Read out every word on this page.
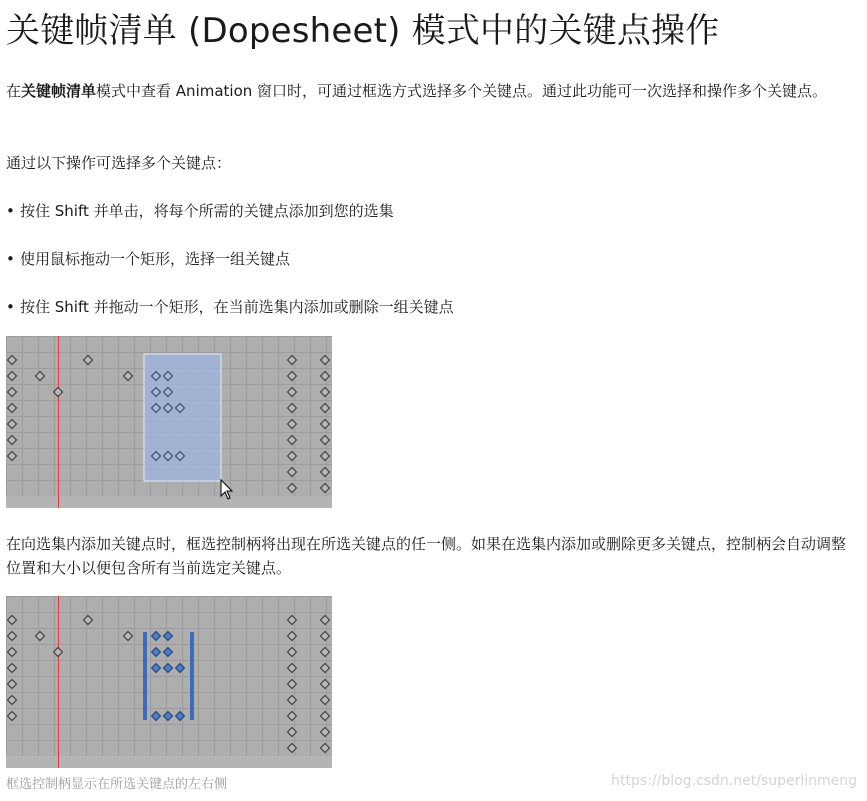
关键帧清单 (Dopesheet) 模式中的关键点操作

在关键帧清单模式中查看 Animation 窗口时，可通过框选方式选择多个关键点。通过此功能可一次选择和操作多个关键点。

通过以下操作可选择多个关键点：

• 按住 Shift 并单击，将每个所需的关键点添加到您的选集
• 使用鼠标拖动一个矩形，选择一组关键点
• 按住 Shift 并拖动一个矩形，在当前选集内添加或删除一组关键点

在向选集内添加关键点时，框选控制柄将出现在所选关键点的任一侧。如果在选集内添加或删除更多关键点，控制柄会自动调整位置和大小以便包含所有当前选定关键点。

框选控制柄显示在所选关键点的左右侧	https://blog.csdn.net/superlinmeng
